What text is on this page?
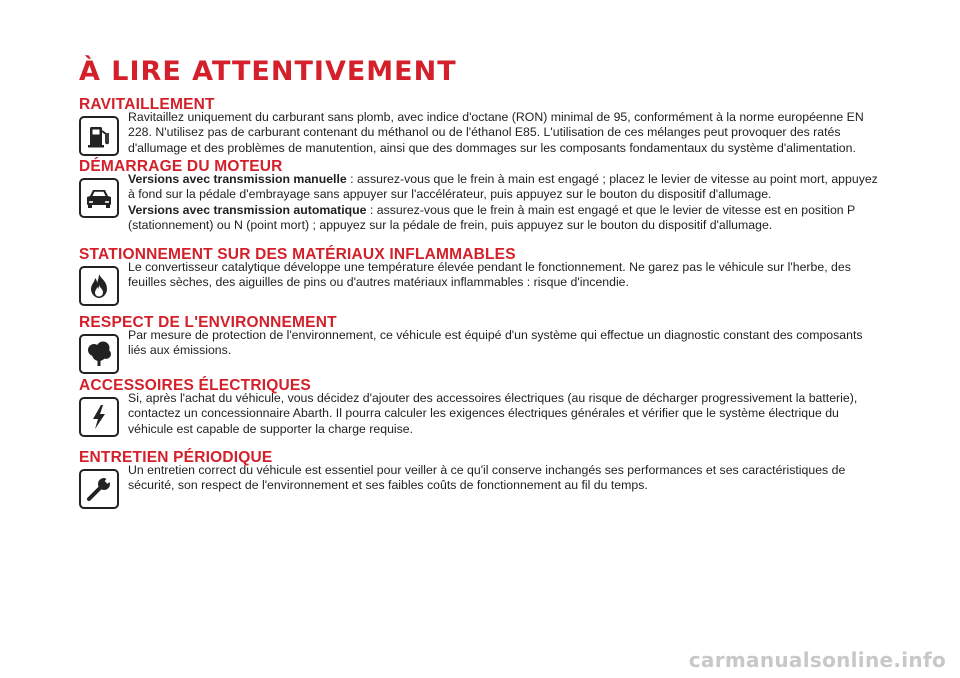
À LIRE ATTENTIVEMENT
RAVITAILLEMENT

Ravitaillez uniquement du carburant sans plomb, avec indice d'octane (RON) minimal de 95, conformément à la norme européenne EN 228. N'utilisez pas de carburant contenant du méthanol ou de l'éthanol E85. L'utilisation de ces mélanges peut provoquer des ratés d'allumage et des problèmes de manutention, ainsi que des dommages sur les composants fondamentaux du système d'alimentation.

DÉMARRAGE DU MOTEUR

Versions avec transmission manuelle : assurez-vous que le frein à main est engagé ; placez le levier de vitesse au point mort, appuyez à fond sur la pédale d'embrayage sans appuyer sur l'accélérateur, puis appuyez sur le bouton du dispositif d'allumage.

Versions avec transmission automatique : assurez-vous que le frein à main est engagé et que le levier de vitesse est en position P (stationnement) ou N (point mort) ; appuyez sur la pédale de frein, puis appuyez sur le bouton du dispositif d'allumage.

STATIONNEMENT SUR DES MATÉRIAUX INFLAMMABLES

Le convertisseur catalytique développe une température élevée pendant le fonctionnement. Ne garez pas le véhicule sur l'herbe, des feuilles sèches, des aiguilles de pins ou d'autres matériaux inflammables : risque d'incendie.

RESPECT DE L'ENVIRONNEMENT

Par mesure de protection de l'environnement, ce véhicule est équipé d'un système qui effectue un diagnostic constant des composants liés aux émissions.

ACCESSOIRES ÉLECTRIQUES

Si, après l'achat du véhicule, vous décidez d'ajouter des accessoires électriques (au risque de décharger progressivement la batterie), contactez un concessionnaire Abarth. Il pourra calculer les exigences électriques générales et vérifier que le système électrique du véhicule est capable de supporter la charge requise.

ENTRETIEN PÉRIODIQUE

Un entretien correct du véhicule est essentiel pour veiller à ce qu'il conserve inchangés ses performances et ses caractéristiques de sécurité, son respect de l'environnement et ses faibles coûts de fonctionnement au fil du temps.

carmanualsonline.info
